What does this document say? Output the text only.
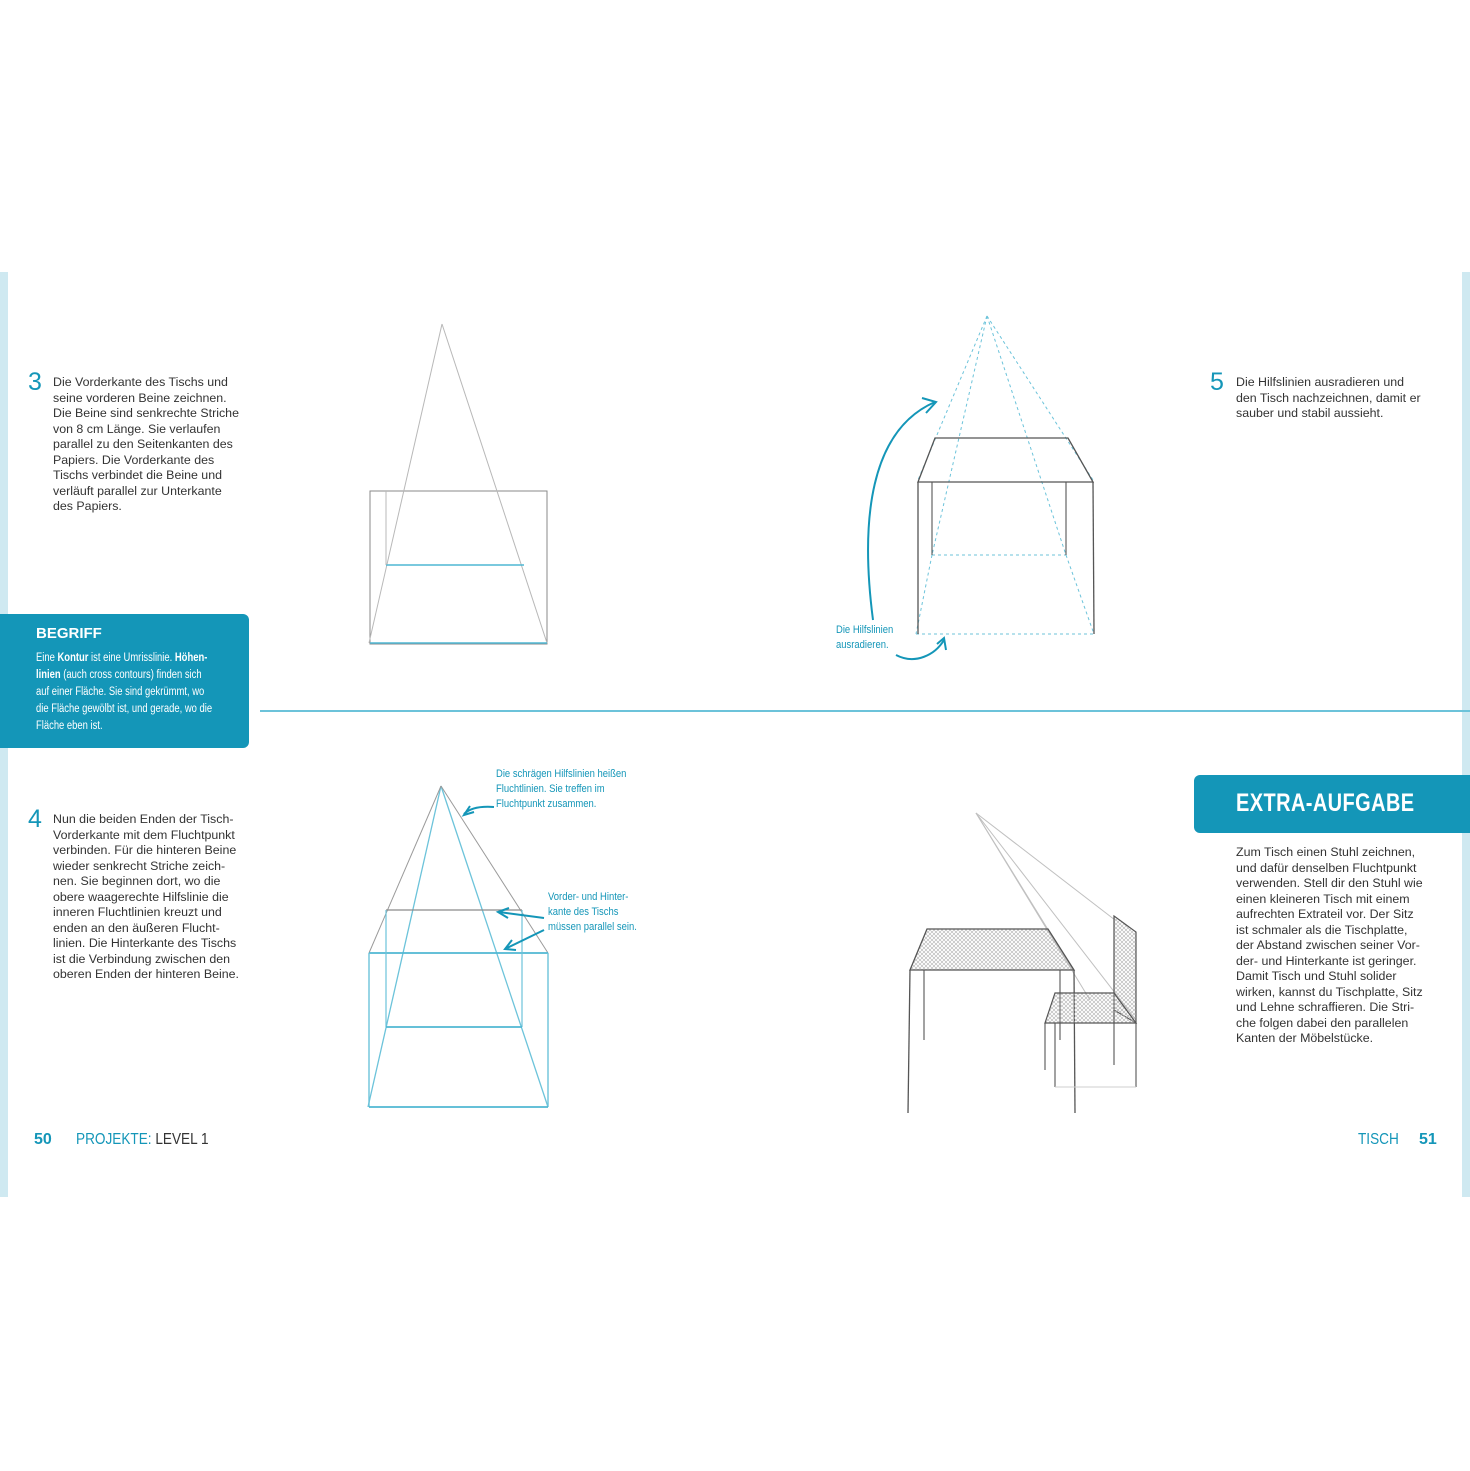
3 Die Vorderkante des Tischs und
seine vorderen Beine zeichnen.
Die Beine sind senkrechte Striche
von 8 cm Länge. Sie verlaufen
parallel zu den Seitenkanten des
Papiers. Die Vorderkante des
Tischs verbindet die Beine und
verläuft parallel zur Unterkante
des Papiers.
4 Nun die beiden Enden der Tisch-
Vorderkante mit dem Fluchtpunkt
verbinden. Für die hinteren Beine
wieder senkrecht Striche zeich-
nen. Sie beginnen dort, wo die
obere waagerechte Hilfslinie die
inneren Fluchtlinien kreuzt und
enden an den äußeren Flucht-
linien. Die Hinterkante des Tischs
ist die Verbindung zwischen den
oberen Enden der hinteren Beine.
5 Die Hilfslinien ausradieren und
den Tisch nachzeichnen, damit er
sauber und stabil aussieht.
BEGRIFF
Eine Kontur ist eine Umrisslinie. Höhen-
linien (auch cross contours) finden sich
auf einer Fläche. Sie sind gekrümmt, wo
die Fläche gewölbt ist, und gerade, wo die
Fläche eben ist.
EXTRA-AUFGABE
Zum Tisch einen Stuhl zeichnen,
und dafür denselben Fluchtpunkt
verwenden. Stell dir den Stuhl wie
einen kleineren Tisch mit einem
aufrechten Extrateil vor. Der Sitz
ist schmaler als die Tischplatte,
der Abstand zwischen seiner Vor-
der- und Hinterkante ist geringer.
Damit Tisch und Stuhl solider
wirken, kannst du Tischplatte, Sitz
und Lehne schraffieren. Die Stri-
che folgen dabei den parallelen
Kanten der Möbelstücke.
Die Hilfslinien
ausradieren.
Die schrägen Hilfslinien heißen
Fluchtlinien. Sie treffen im
Fluchtpunkt zusammen.
Vorder- und Hinter-
kante des Tischs
müssen parallel sein.
50 PROJEKTE: LEVEL 1	TISCH 51
